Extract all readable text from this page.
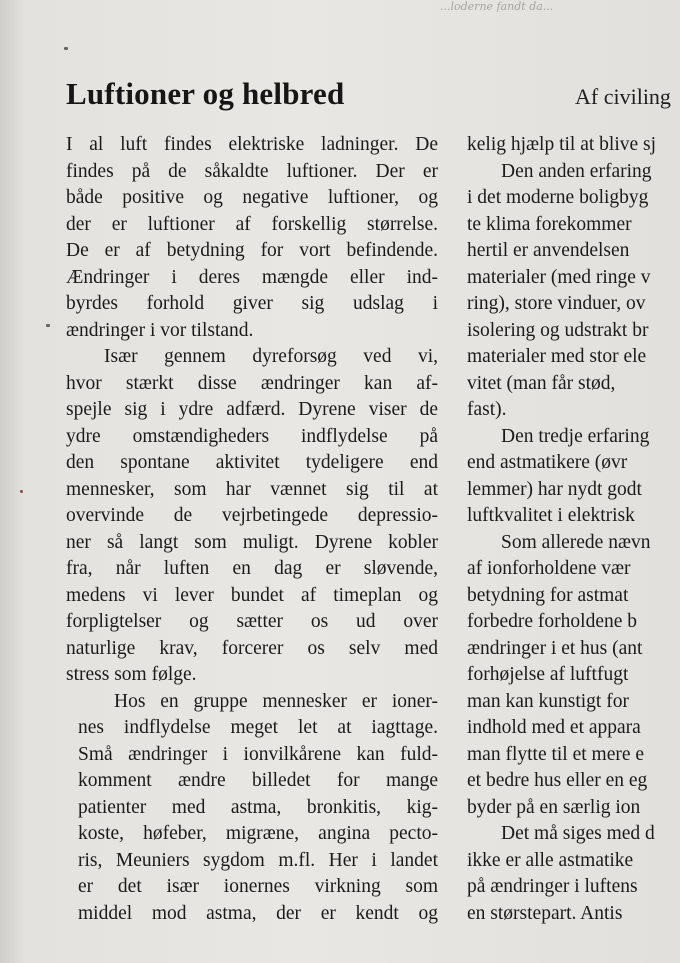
...loderne fandt da...
Luftioner og helbred	Af civiling
I al luft findes elektriske ladninger. De
findes på de såkaldte luftioner. Der er
både positive og negative luftioner, og
der er luftioner af forskellig størrelse.
De er af betydning for vort befindende.
Ændringer i deres mængde eller ind-
byrdes forhold giver sig udslag i
ændringer i vor tilstand.
Især gennem dyreforsøg ved vi,
hvor stærkt disse ændringer kan af-
spejle sig i ydre adfærd. Dyrene viser de
ydre omstændigheders indflydelse på
den spontane aktivitet tydeligere end
mennesker, som har vænnet sig til at
overvinde de vejrbetingede depressio-
ner så langt som muligt. Dyrene kobler
fra, når luften en dag er sløvende,
medens vi lever bundet af timeplan og
forpligtelser og sætter os ud over
naturlige krav, forcerer os selv med
stress som følge.
Hos en gruppe mennesker er ioner-
nes indflydelse meget let at iagttage.
Små ændringer i ionvilkårene kan fuld-
komment ændre billedet for mange
patienter med astma, bronkitis, kig-
koste, høfeber, migræne, angina pecto-
ris, Meuniers sygdom m.fl. Her i landet
er det især ionernes virkning som
middel mod astma, der er kendt og
kelig hjælp til at blive sj
Den anden erfaring
i det moderne boligbyg
te klima forekommer
hertil er anvendelsen
materialer (med ringe v
ring), store vinduer, ov
isolering og udstrakt br
materialer med stor ele
vitet (man får stød,
fast).
Den tredje erfaring
end astmatikere (øvr
lemmer) har nydt godt
luftkvalitet i elektrisk
Som allerede nævn
af ionforholdene vær
betydning for astmat
forbedre forholdene b
ændringer i et hus (ant
forhøjelse af luftfugt
man kan kunstigt for
indhold med et appara
man flytte til et mere e
et bedre hus eller en eg
byder på en særlig ion
Det må siges med d
ikke er alle astmatike
på ændringer i luftens
en størstepart. Antis
